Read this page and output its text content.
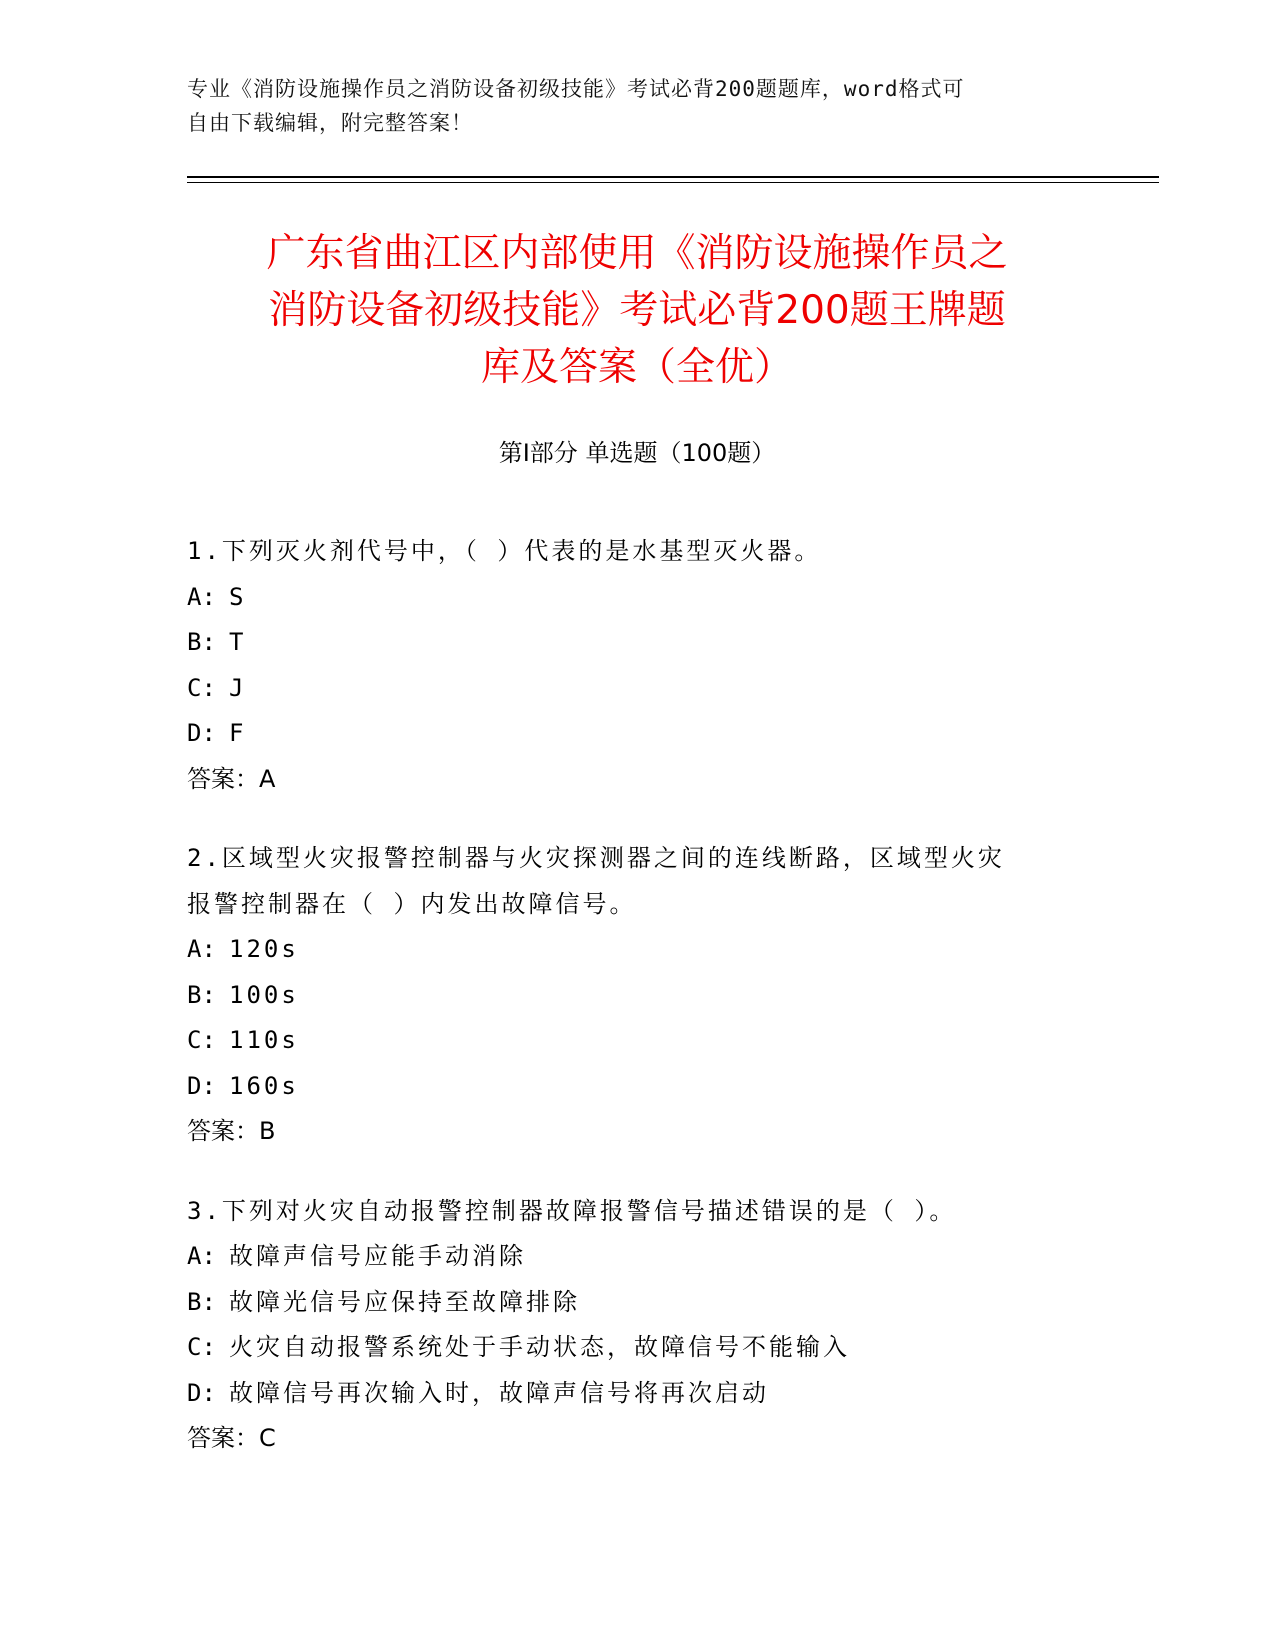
专业《消防设施操作员之消防设备初级技能》考试必背200题题库，word格式可
自由下载编辑，附完整答案！
广东省曲江区内部使用《消防设施操作员之
消防设备初级技能》考试必背200题王牌题
库及答案（全优）
第Ⅰ部分 单选题（100题）

1.下列灭火剂代号中，（ ）代表的是水基型灭火器。

A: S

B: T

C: J

D: F

答案：A

2.区域型火灾报警控制器与火灾探测器之间的连线断路，区域型火灾

报警控制器在（ ）内发出故障信号。

A: 120s

B: 100s

C: 110s

D: 160s

答案：B

3.下列对火灾自动报警控制器故障报警信号描述错误的是（ ）。

A: 故障声信号应能手动消除

B: 故障光信号应保持至故障排除

C: 火灾自动报警系统处于手动状态，故障信号不能输入

D: 故障信号再次输入时，故障声信号将再次启动

答案：C
